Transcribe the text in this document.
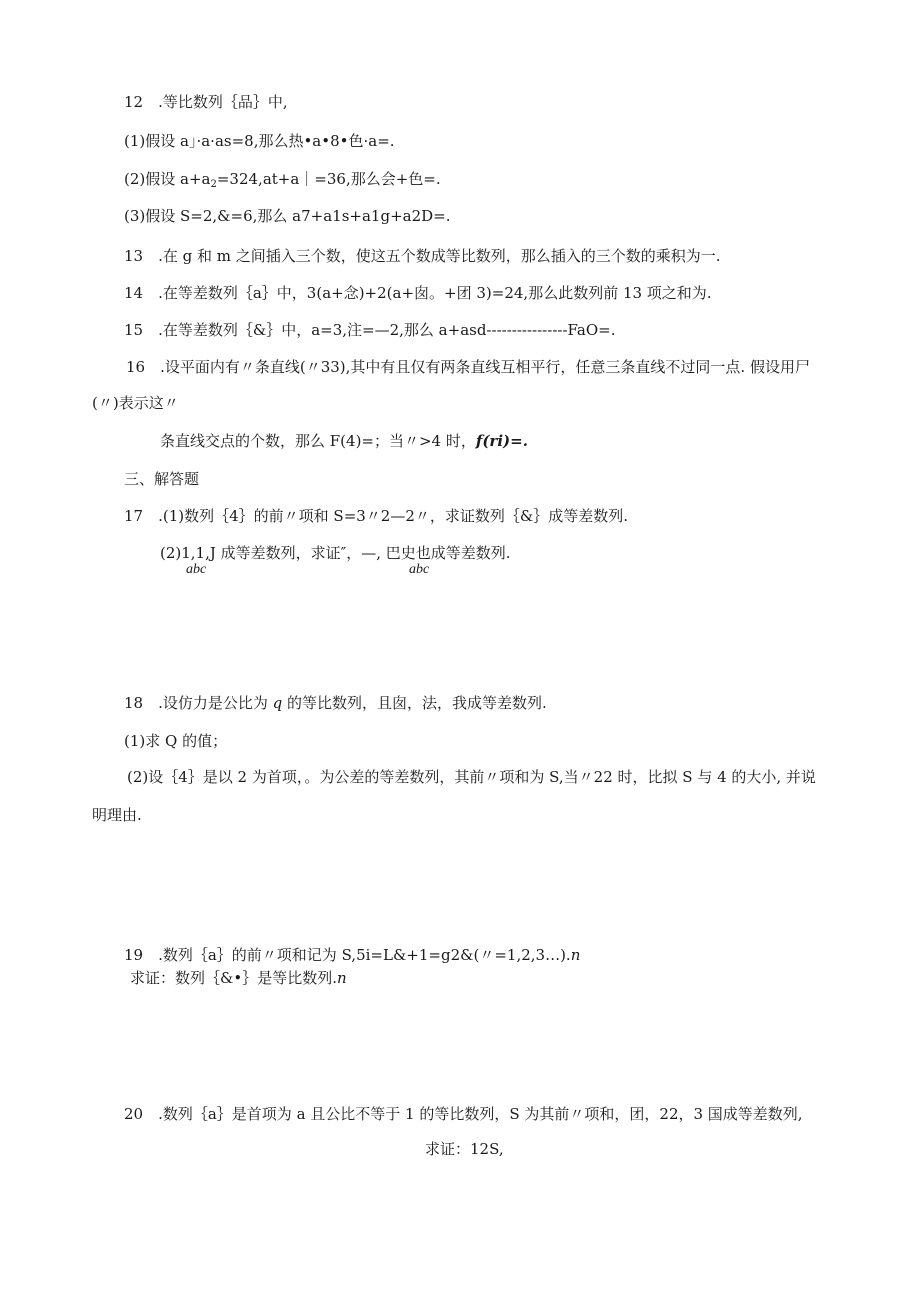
12　.等比数列｛品｝中,
(1)假设 a」·a·as=8,那么热•a•8•色·a=.
(2)假设 $a+a_2=324,at+a|=36$,那么会+色=.
(3)假设 S=2,&=6,那么 a7+a1s+a1g+a2D=.
13　.在 g 和 m 之间插入三个数，使这五个数成等比数列，那么插入的三个数的乘积为一.
14　.在等差数列｛a｝中，3(a+念)+2(a+囱。+团 3)=24,那么此数列前 13 项之和为.
15　.在等差数列｛&｝中，a=3,注=—2,那么 a+asd----------------FaO=.
16　.设平面内有〃条直线(〃33),其中有且仅有两条直线互相平行，任意三条直线不过同一点. 假设用尸
(〃)表示这〃
条直线交点的个数，那么 F(4)=；当〃>4 时，f(ri)=.
三、解答题
17　.(1)数列｛4｝的前〃项和 S=3〃2—2〃，求证数列｛&｝成等差数列.
(2)1,1,J 成等差数列，求证″，—, 巴史也成等差数列.
abc	abc
18　.设仿力是公比为 q 的等比数列，且囱，法，我成等差数列.
(1)求 Q 的值；
(2)设｛4｝是以 2 为首项，。为公差的等差数列，其前〃项和为 S,当〃22 时，比拟 S 与 4 的大小, 并说
明理由.
19　.数列｛a｝的前〃项和记为 S,5i=L&+1=g2&(〃=1,2,3…).n
求证：数列｛&•｝是等比数列.n
20　.数列｛a｝是首项为 a 且公比不等于 1 的等比数列，S 为其前〃项和，团，22，3 国成等差数列,
求证：12S,
